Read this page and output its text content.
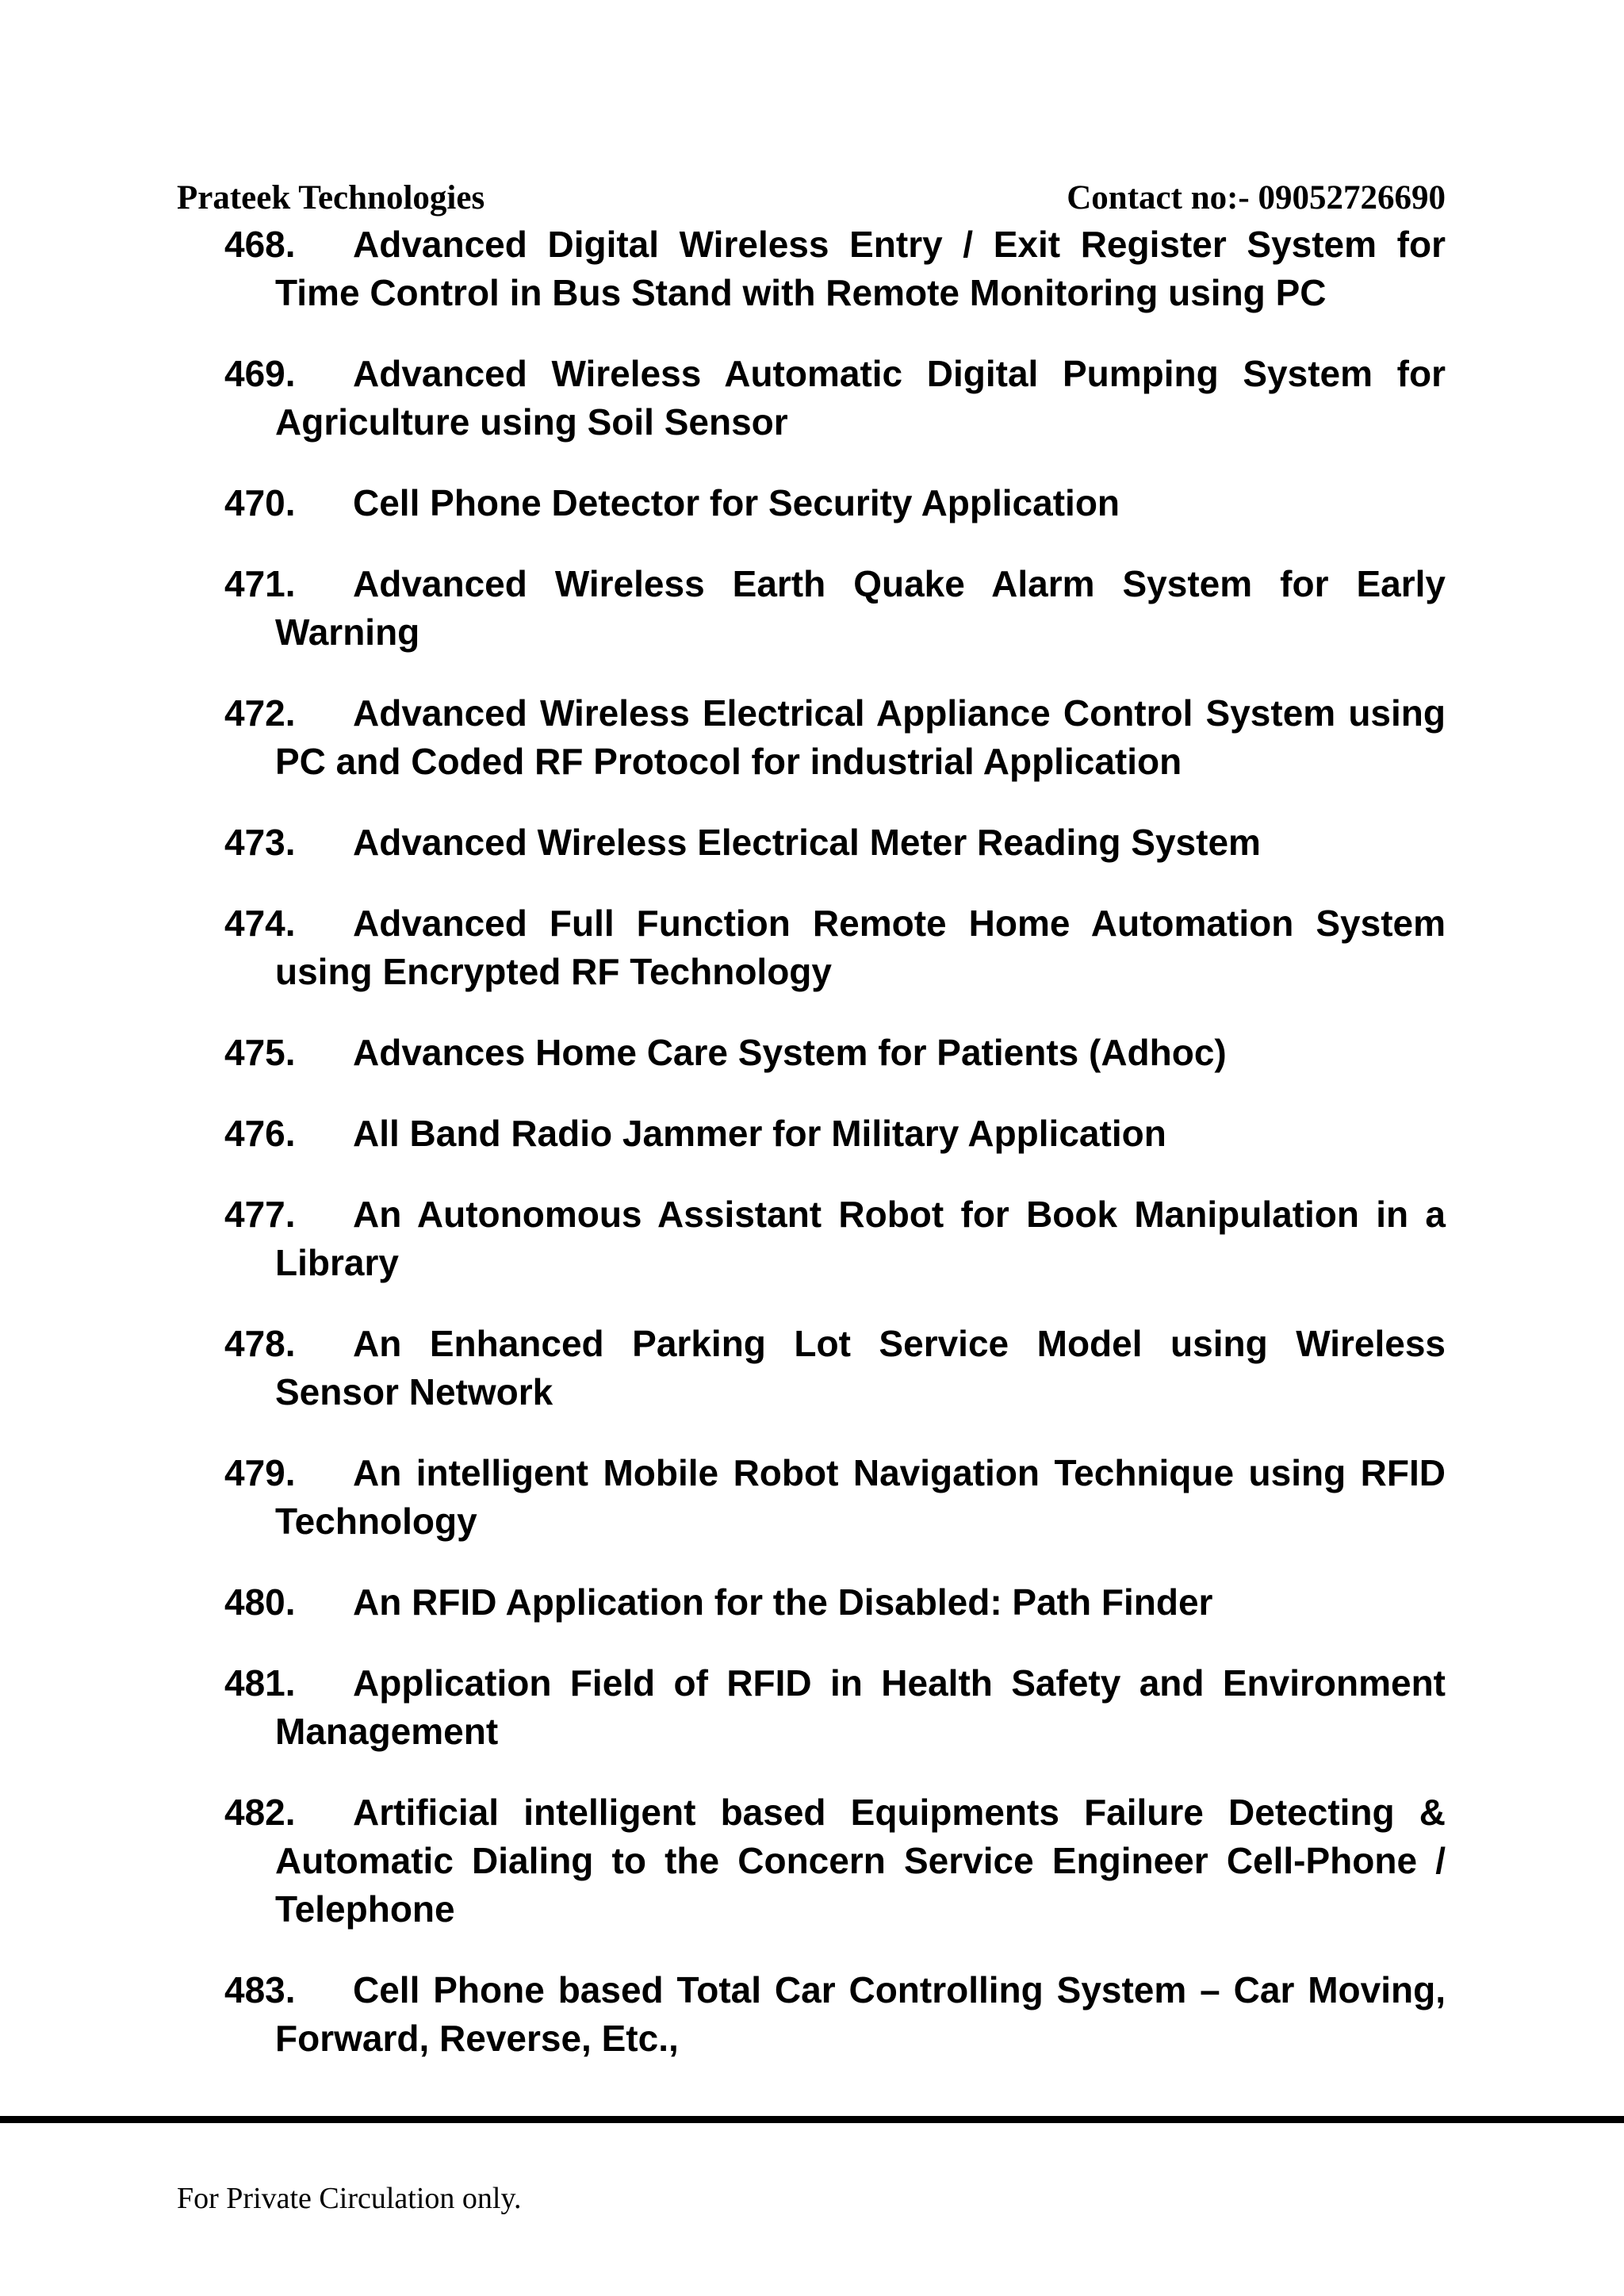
Prateek Technologies	Contact no:- 09052726690
468. Advanced Digital Wireless Entry / Exit Register System for Time Control in Bus Stand with Remote Monitoring using PC
469. Advanced Wireless Automatic Digital Pumping System for Agriculture using Soil Sensor
470. Cell Phone Detector for Security Application
471. Advanced Wireless Earth Quake Alarm System for Early Warning
472. Advanced Wireless Electrical Appliance Control System using PC and Coded RF Protocol for industrial Application
473. Advanced Wireless Electrical Meter Reading System
474. Advanced Full Function Remote Home Automation System using Encrypted RF Technology
475. Advances Home Care System for Patients (Adhoc)
476. All Band Radio Jammer for Military Application
477. An Autonomous Assistant Robot for Book Manipulation in a Library
478. An Enhanced Parking Lot Service Model using Wireless Sensor Network
479. An intelligent Mobile Robot Navigation Technique using RFID Technology
480. An RFID Application for the Disabled: Path Finder
481. Application Field of RFID in Health Safety and Environment Management
482. Artificial intelligent based Equipments Failure Detecting & Automatic Dialing to the Concern Service Engineer Cell-Phone / Telephone
483. Cell Phone based Total Car Controlling System – Car Moving, Forward, Reverse, Etc.,
For Private Circulation only.
